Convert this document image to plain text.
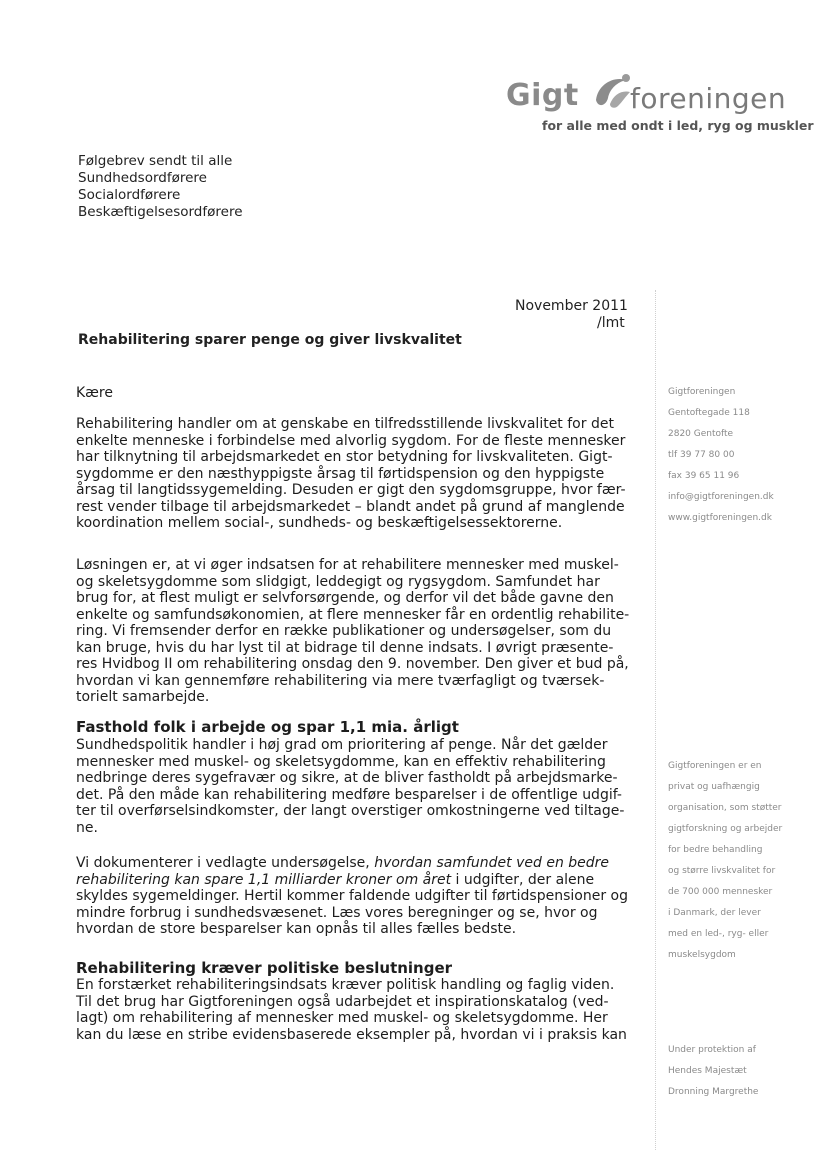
Gigt foreningen
for alle med ondt i led, ryg og muskler
Følgebrev sendt til alle
Sundhedsordførere
Socialordførere
Beskæftigelsesordførere
November 2011
/lmt
Rehabilitering sparer penge og giver livskvalitet
Kære

Rehabilitering handler om at genskabe en tilfredsstillende livskvalitet for det enkelte menneske i forbindelse med alvorlig sygdom. For de fleste mennesker har tilknytning til arbejdsmarkedet en stor betydning for livskvaliteten. Gigt-sygdomme er den næsthyppigste årsag til førtidspension og den hyppigste årsag til langtidssygemelding. Desuden er gigt den sygdomsgruppe, hvor fær-rest vender tilbage til arbejdsmarkedet – blandt andet på grund af manglende koordination mellem social-, sundheds- og beskæftigelsessektorerne.

Løsningen er, at vi øger indsatsen for at rehabilitere mennesker med muskel- og skeletsygdomme som slidgigt, leddegigt og rygsygdom. Samfundet har brug for, at flest muligt er selvforsørgende, og derfor vil det både gavne den enkelte og samfundsøkonomien, at flere mennesker får en ordentlig rehabilite-ring. Vi fremsender derfor en række publikationer og undersøgelser, som du kan bruge, hvis du har lyst til at bidrage til denne indsats. I øvrigt præsente-res Hvidbog II om rehabilitering onsdag den 9. november. Den giver et bud på, hvordan vi kan gennemføre rehabilitering via mere tværfagligt og tværsek-torielt samarbejde.

Fasthold folk i arbejde og spar 1,1 mia. årligt

Sundhedspolitik handler i høj grad om prioritering af penge. Når det gælder mennesker med muskel- og skeletsygdomme, kan en effektiv rehabilitering nedbringe deres sygefravær og sikre, at de bliver fastholdt på arbejdsmarke-det. På den måde kan rehabilitering medføre besparelser i de offentlige udgif-ter til overførselsindkomster, der langt overstiger omkostningerne ved tiltage-ne.

Vi dokumenterer i vedlagte undersøgelse, hvordan samfundet ved en bedre rehabilitering kan spare 1,1 milliarder kroner om året i udgifter, der alene skyldes sygemeldinger. Hertil kommer faldende udgifter til førtidspensioner og mindre forbrug i sundhedsvæsenet. Læs vores beregninger og se, hvor og hvordan de store besparelser kan opnås til alles fælles bedste.

Rehabilitering kræver politiske beslutninger

En forstærket rehabiliteringsindsats kræver politisk handling og faglig viden. Til det brug har Gigtforeningen også udarbejdet et inspirationskatalog (ved-lagt) om rehabilitering af mennesker med muskel- og skeletsygdomme. Her kan du læse en stribe evidensbaserede eksempler på, hvordan vi i praksis kan

Gigtforeningen
Gentoftegade 118
2820 Gentofte
tlf 39 77 80 00
fax 39 65 11 96
info@gigtforeningen.dk
www.gigtforeningen.dk
Gigtforeningen er en
privat og uafhængig
organisation, som støtter
gigtforskning og arbejder
for bedre behandling
og større livskvalitet for
de 700 000 mennesker
i Danmark, der lever
med en led-, ryg- eller
muskelsygdom
Under protektion af
Hendes Majestæt
Dronning Margrethe
